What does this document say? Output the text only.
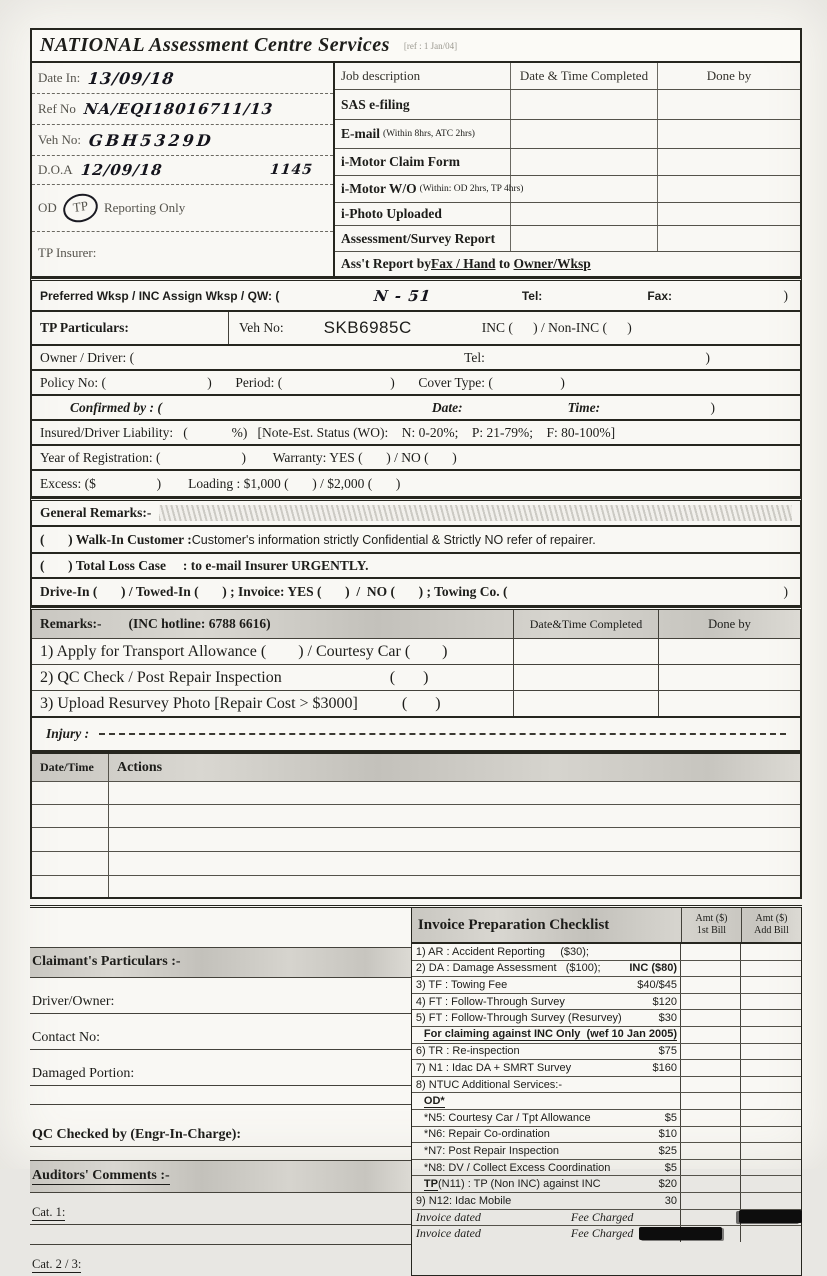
NATIONAL Assessment Centre Services [ref : 1 Jan/04]
Date In: 13/09/18
Ref No NA/EQI18016711/13
Veh No: GBH5329D
D.O.A 12/09/18	1145
OD	TP	Reporting Only
TP Insurer:
Job description	Date & Time Completed	Done by
SAS e-filing
E-mail (Within 8hrs, ATC 2hrs)
i-Motor Claim Form
i-Motor W/O (Within: OD 2hrs, TP 4hrs)
i-Photo Uploaded
Assessment/Survey Report
Ass't Report by Fax / Hand to Owner/Wksp
Preferred Wksp / INC Assign Wksp / QW: (	N - 51	Tel:	Fax:	)
TP Particulars:	Veh No: SKB6985C	INC (      ) / Non-INC (      )
Owner / Driver: (	Tel:	)
Policy No: (                              )       Period: (                                )       Cover Type: (                    )
Confirmed by : (	Date:	Time:	)
Insured/Driver Liability:   (             %)   [Note-Est. Status (WO):    N: 0-20%;    P: 21-79%;    F: 80-100%]
Year of Registration: (                        )        Warranty: YES (       ) / NO (       )
Excess: ($                  )        Loading : $1,000 (       ) / $2,000 (       )
General Remarks:-
(       ) Walk-In Customer : Customer's information strictly Confidential & Strictly NO refer of repairer.
(       ) Total Loss Case     : to e-mail Insurer URGENTLY.
Drive-In (       ) / Towed-In (       ) ; Invoice: YES (       )  /  NO (       ) ; Towing Co. (	)
Remarks:-        (INC hotline: 6788 6616)	Date&Time Completed	Done by
1) Apply for Transport Allowance (        ) / Courtesy Car (        )
2) QC Check / Post Repair Inspection                           (       )
3) Upload Resurvey Photo [Repair Cost > $3000]           (       )
Injury :
Date/Time	Actions
Claimant's Particulars :-
Driver/Owner:
Contact No:
Damaged Portion:
QC Checked by (Engr-In-Charge):
Auditors' Comments :-
Cat. 1:
Cat. 2 / 3:
Invoice Preparation Checklist	Amt ($)
1st Bill
Amt ($)
Add Bill
1) AR : Accident Reporting     ($30);
2) DA : Damage Assessment   ($100);	INC ($80)
3) TF : Towing Fee	$40/$45
4) FT : Follow-Through Survey	$120
5) FT : Follow-Through Survey (Resurvey)	$30
For claiming against INC Only  (wef 10 Jan 2005)
6) TR : Re-inspection	$75
7) N1 : Idac DA + SMRT Survey	$160
8) NTUC Additional Services:-
OD*
*N5: Courtesy Car / Tpt Allowance	$5
*N6: Repair Co-ordination	$10
*N7: Post Repair Inspection	$25
*N8: DV / Collect Excess Coordination	$5
TP (N11) : TP (Non INC) against INC	$20
9) N12: Idac Mobile	30
Invoice dated	Fee Charged
Invoice dated	Fee Charged
